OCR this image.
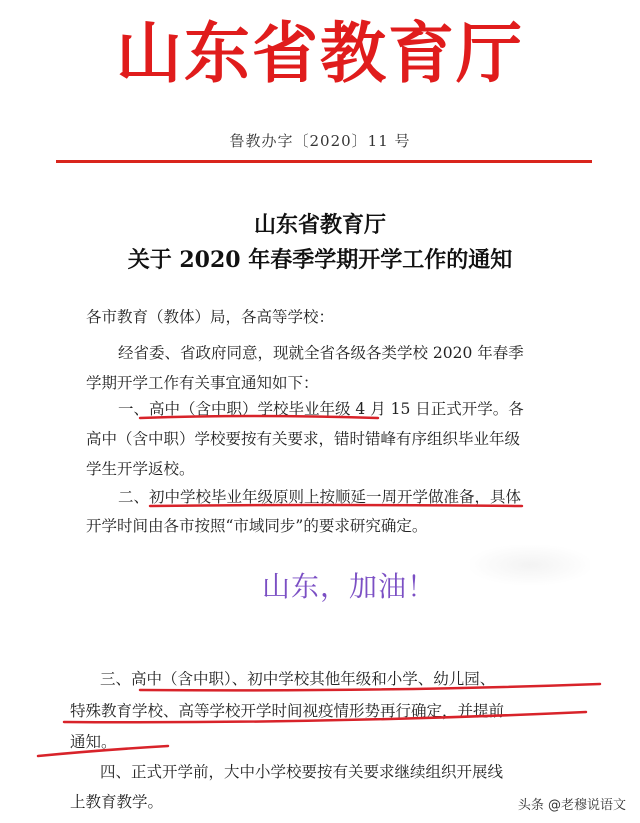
山东省教育厅
鲁教办字〔2020〕11 号
山东省教育厅
关于 2020 年春季学期开学工作的通知
各市教育（教体）局，各高等学校：
经省委、省政府同意，现就全省各级各类学校 2020 年春季
学期开学工作有关事宜通知如下：
一、高中（含中职）学校毕业年级 4 月 15 日正式开学。各
高中（含中职）学校要按有关要求，错时错峰有序组织毕业年级
学生开学返校。
二、初中学校毕业年级原则上按顺延一周开学做准备，具体
开学时间由各市按照“市域同步”的要求研究确定。
山东，加油！
三、高中（含中职）、初中学校其他年级和小学、幼儿园、
特殊教育学校、高等学校开学时间视疫情形势再行确定，并提前
通知。
四、正式开学前，大中小学校要按有关要求继续组织开展线
上教育教学。	头条 @老穆说语文
